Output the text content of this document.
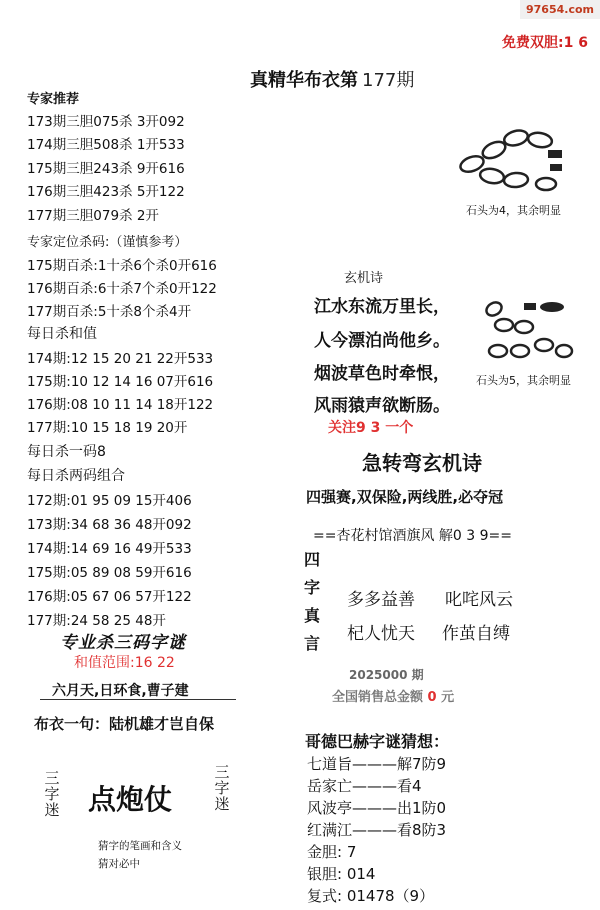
97654.com
免费双胆:1 6
真精华布衣第 177期
专家推荐
173期三胆075杀 3开092
174期三胆508杀 1开533
175期三胆243杀 9开616
176期三胆423杀 5开122
177期三胆079杀 2开
专家定位杀码:（谨慎参考）
175期百杀:1十杀6个杀0开616
176期百杀:6十杀7个杀0开122
177期百杀:5十杀8个杀4开
每日杀和值
174期:12 15 20 21 22开533
175期:10 12 14 16 07开616
176期:08 10 11 14 18开122
177期:10 15 18 19 20开
每日杀一码8
每日杀两码组合
172期:01 95 09 15开406
173期:34 68 36 48开092
174期:14 69 16 49开533
175期:05 89 08 59开616
176期:05 67 06 57开122
177期:24 58 25 48开
专业杀三码字谜
和值范围:16 22
六月天,日环食,曹子建
布衣一句：陆机雄才岂自保
三字迷 点炮仗
三字迷
猜字的笔画和含义
猜对必中
石头为4，其余明显
石头为5，其余明显
玄机诗
江水东流万里长，
人今漂泊尚他乡。
烟波草色时牵恨，
风雨猿声欲断肠。
关注9 3 一个
急转弯玄机诗
四强赛,双保险,两线胜,必夺冠
==杏花村馆酒旗风 解0 3 9==
四字真言
多多益善 叱咤风云
杞人忧天 作茧自缚
2025000 期
全国销售总金额 0 元
哥德巴赫字谜猜想：
七道旨———解7防9
岳家亡———看4
风波亭———出1防0
红满江———看8防3
金胆: 7
银胆: 014
复式: 01478（9）
